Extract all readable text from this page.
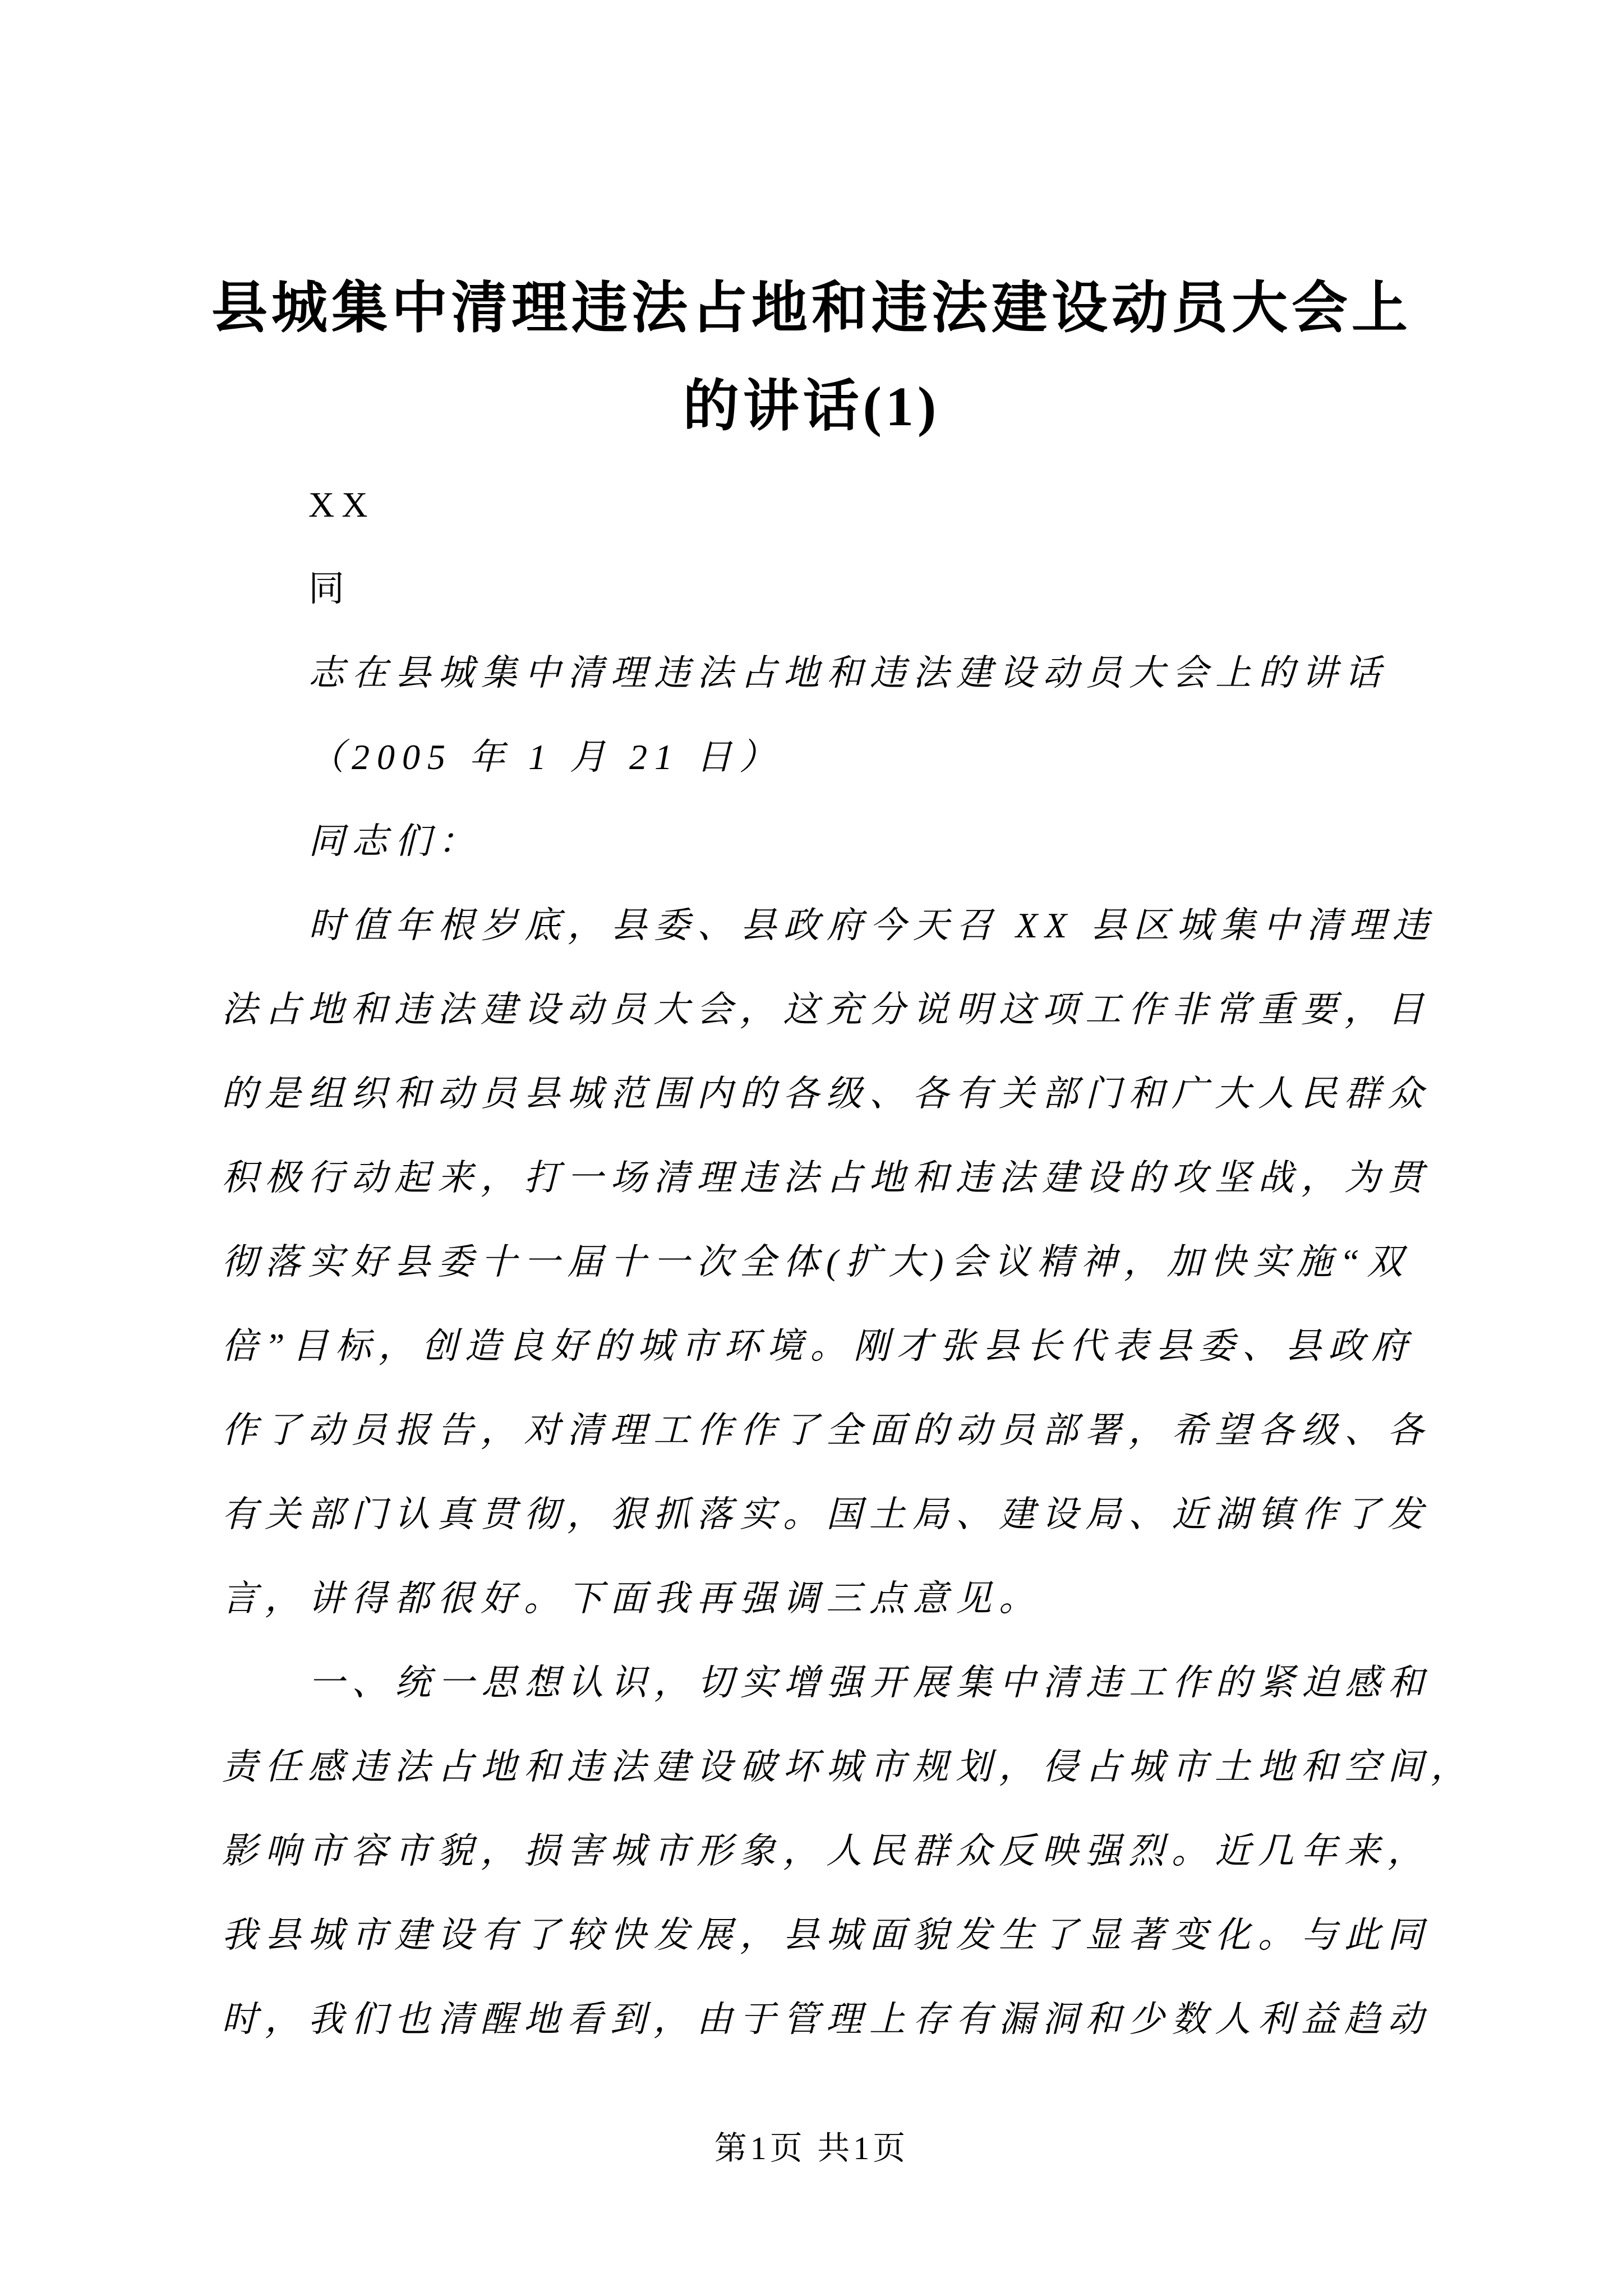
县城集中清理违法占地和违法建设动员大会上
的讲话(1)
XX
同
志在县城集中清理违法占地和违法建设动员大会上的讲话
（2005 年 1 月 21 日）
同志们：
时值年根岁底，县委、县政府今天召 XX 县区城集中清理违
法占地和违法建设动员大会，这充分说明这项工作非常重要，目
的是组织和动员县城范围内的各级、各有关部门和广大人民群众
积极行动起来，打一场清理违法占地和违法建设的攻坚战，为贯
彻落实好县委十一届十一次全体(扩大)会议精神，加快实施“双
倍”目标，创造良好的城市环境。刚才张县长代表县委、县政府
作了动员报告，对清理工作作了全面的动员部署，希望各级、各
有关部门认真贯彻，狠抓落实。国土局、建设局、近湖镇作了发
言，讲得都很好。下面我再强调三点意见。
一、统一思想认识，切实增强开展集中清违工作的紧迫感和
责任感违法占地和违法建设破坏城市规划，侵占城市土地和空间，
影响市容市貌，损害城市形象，人民群众反映强烈。近几年来，
我县城市建设有了较快发展，县城面貌发生了显著变化。与此同
时，我们也清醒地看到，由于管理上存有漏洞和少数人利益趋动
第1页 共1页
